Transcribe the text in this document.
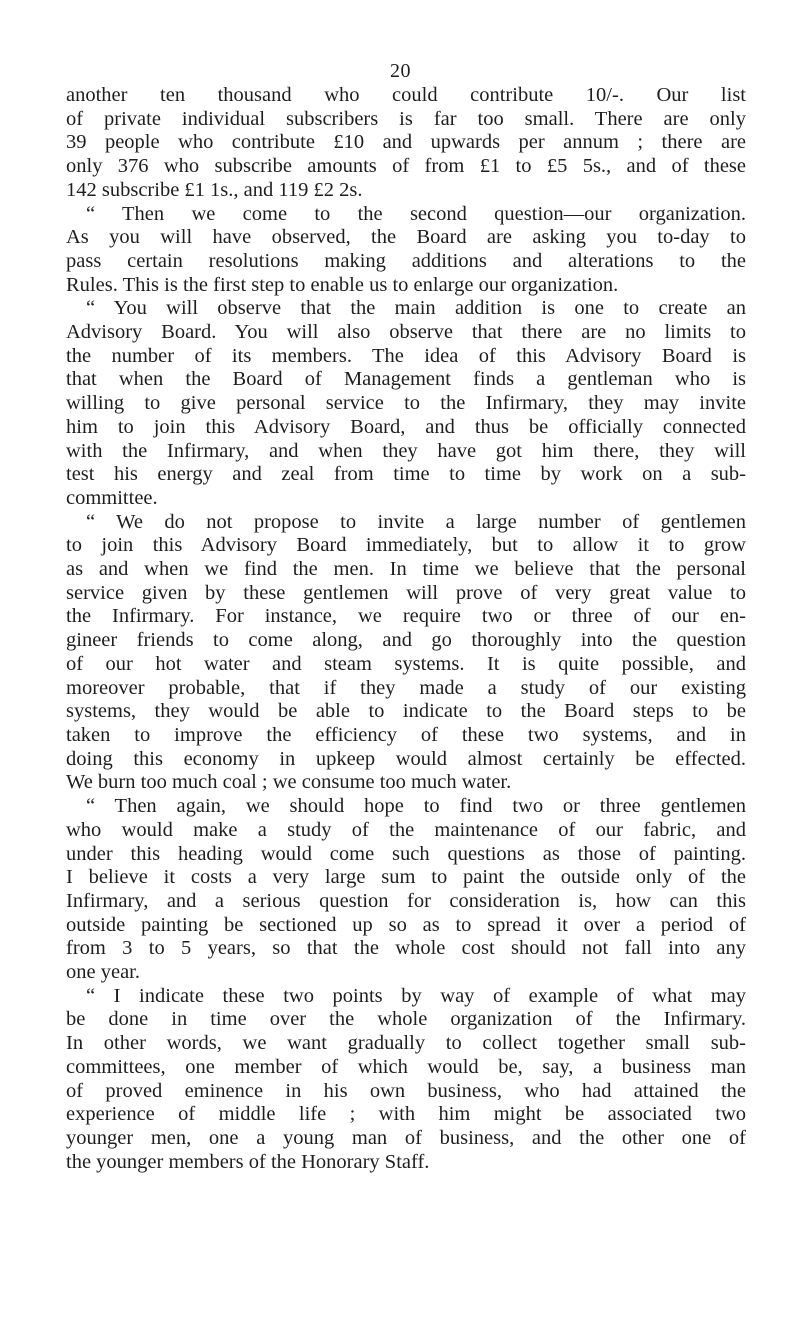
20
another ten thousand who could contribute 10/-. Our list
of private individual subscribers is far too small. There are only
39 people who contribute £10 and upwards per annum ; there are
only 376 who subscribe amounts of from £1 to £5 5s., and of these
142 subscribe £1 1s., and 119 £2 2s.
“ Then we come to the second question—our organization.
As you will have observed, the Board are asking you to-day to
pass certain resolutions making additions and alterations to the
Rules. This is the first step to enable us to enlarge our organization.
“ You will observe that the main addition is one to create an
Advisory Board. You will also observe that there are no limits to
the number of its members. The idea of this Advisory Board is
that when the Board of Management finds a gentleman who is
willing to give personal service to the Infirmary, they may invite
him to join this Advisory Board, and thus be officially connected
with the Infirmary, and when they have got him there, they will
test his energy and zeal from time to time by work on a sub-
committee.
“ We do not propose to invite a large number of gentlemen
to join this Advisory Board immediately, but to allow it to grow
as and when we find the men. In time we believe that the personal
service given by these gentlemen will prove of very great value to
the Infirmary. For instance, we require two or three of our en-
gineer friends to come along, and go thoroughly into the question
of our hot water and steam systems. It is quite possible, and
moreover probable, that if they made a study of our existing
systems, they would be able to indicate to the Board steps to be
taken to improve the efficiency of these two systems, and in
doing this economy in upkeep would almost certainly be effected.
We burn too much coal ; we consume too much water.
“ Then again, we should hope to find two or three gentlemen
who would make a study of the maintenance of our fabric, and
under this heading would come such questions as those of painting.
I believe it costs a very large sum to paint the outside only of the
Infirmary, and a serious question for consideration is, how can this
outside painting be sectioned up so as to spread it over a period of
from 3 to 5 years, so that the whole cost should not fall into any
one year.
“ I indicate these two points by way of example of what may
be done in time over the whole organization of the Infirmary.
In other words, we want gradually to collect together small sub-
committees, one member of which would be, say, a business man
of proved eminence in his own business, who had attained the
experience of middle life ; with him might be associated two
younger men, one a young man of business, and the other one of
the younger members of the Honorary Staff.
